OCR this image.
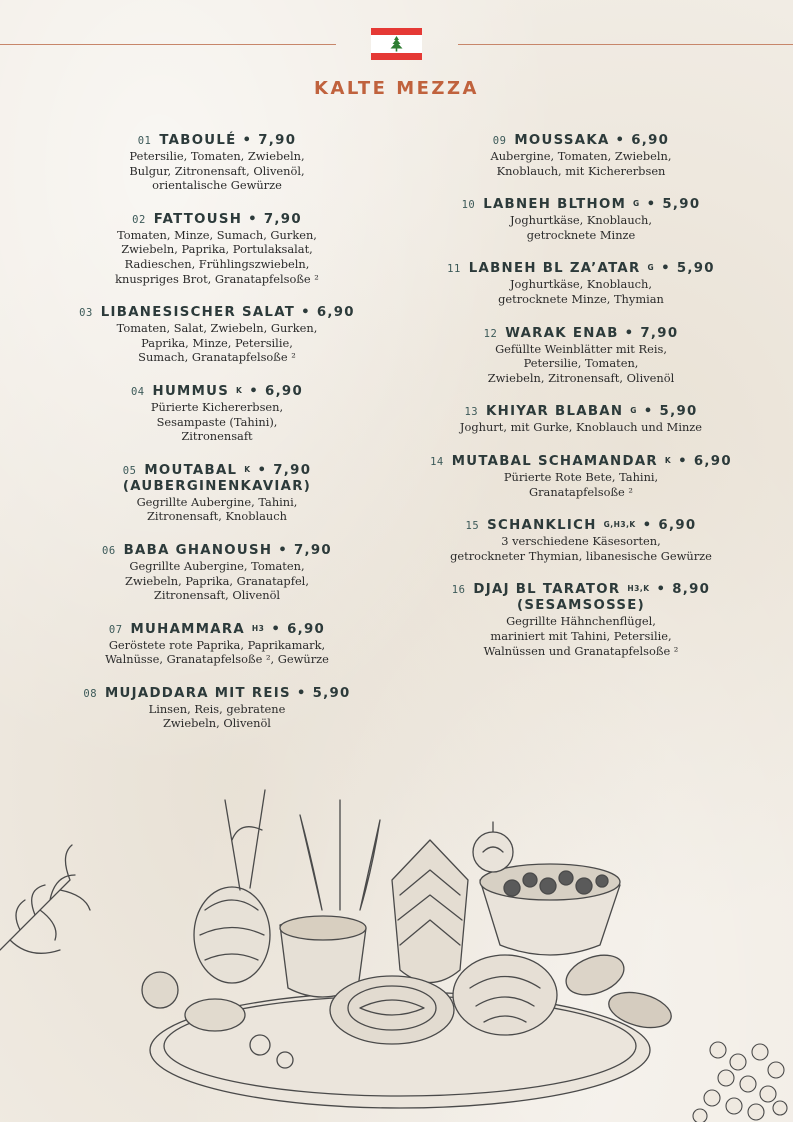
KALTE MEZZA
01 TABOULÉ • 7,90
Petersilie, Tomaten, Zwiebeln,
Bulgur, Zitronensaft, Olivenöl,
orientalische Gewürze
02 FATTOUSH • 7,90
Tomaten, Minze, Sumach, Gurken,
Zwiebeln, Paprika, Portulaksalat,
Radieschen, Frühlingszwiebeln,
knuspriges Brot, Granatapfelsoße ²
03 LIBANESISCHER SALAT • 6,90
Tomaten, Salat, Zwiebeln, Gurken,
Paprika, Minze, Petersilie,
Sumach, Granatapfelsoße ²
04 HUMMUS $^K$ • 6,90
Pürierte Kichererbsen,
Sesampaste (Tahini),
Zitronensaft
05 MOUTABAL $^K$ • 7,90
(AUBERGINENKAVIAR)
Gegrillte Aubergine, Tahini,
Zitronensaft, Knoblauch
06 BABA GHANOUSH • 7,90
Gegrillte Aubergine, Tomaten,
Zwiebeln, Paprika, Granatapfel,
Zitronensaft, Olivenöl
07 MUHAMMARA $^{H3}$ • 6,90
Geröstete rote Paprika, Paprikamark,
Walnüsse, Granatapfelsoße ², Gewürze
08 MUJADDARA MIT REIS • 5,90
Linsen, Reis, gebratene
Zwiebeln, Olivenöl
09 MOUSSAKA • 6,90
Aubergine, Tomaten, Zwiebeln,
Knoblauch, mit Kichererbsen
10 LABNEH BLTHOM $^G$ • 5,90
Joghurtkäse, Knoblauch,
getrocknete Minze
11 LABNEH BL ZA’ATAR $^G$ • 5,90
Joghurtkäse, Knoblauch,
getrocknete Minze, Thymian
12 WARAK ENAB • 7,90
Gefüllte Weinblätter mit Reis,
Petersilie, Tomaten,
Zwiebeln, Zitronensaft, Olivenöl
13 KHIYAR BLABAN $^G$ • 5,90
Joghurt, mit Gurke, Knoblauch und Minze
14 MUTABAL SCHAMANDAR $^K$ • 6,90
Pürierte Rote Bete, Tahini,
Granatapfelsoße ²
15 SCHANKLICH $^{G,H3,K}$ • 6,90
3 verschiedene Käsesorten,
getrockneter Thymian, libanesische Gewürze
16 DJAJ BL TARATOR $^{H3,K}$ • 8,90
(SESAMSOSSE)
Gegrillte Hähnchenflügel,
mariniert mit Tahini, Petersilie,
Walnüssen und Granatapfelsoße ²
